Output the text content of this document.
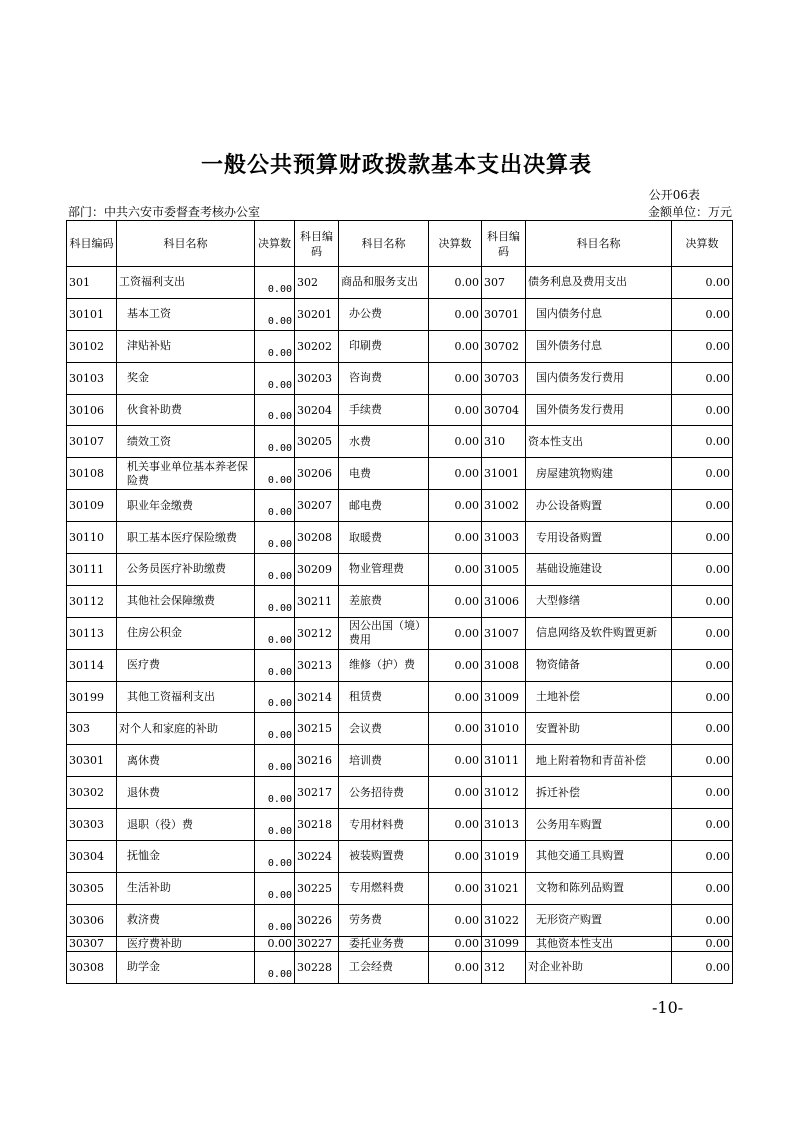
一般公共预算财政拨款基本支出决算表
公开06表
部门：中共六安市委督查考核办公室	金额单位：万元
科目编码	科目名称	决算数	科目编码	科目名称	决算数	科目编码	科目名称	决算数
301	工资福利支出	0.00	302	商品和服务支出	0.00	307	债务利息及费用支出	0.00
30101	基本工资	0.00	30201	办公费	0.00	30701	国内债务付息	0.00
30102	津贴补贴	0.00	30202	印刷费	0.00	30702	国外债务付息	0.00
30103	奖金	0.00	30203	咨询费	0.00	30703	国内债务发行费用	0.00
30106	伙食补助费	0.00	30204	手续费	0.00	30704	国外债务发行费用	0.00
30107	绩效工资	0.00	30205	水费	0.00	310	资本性支出	0.00
30108	机关事业单位基本养老保险费	0.00	30206	电费	0.00	31001	房屋建筑物购建	0.00
30109	职业年金缴费	0.00	30207	邮电费	0.00	31002	办公设备购置	0.00
30110	职工基本医疗保险缴费	0.00	30208	取暖费	0.00	31003	专用设备购置	0.00
30111	公务员医疗补助缴费	0.00	30209	物业管理费	0.00	31005	基础设施建设	0.00
30112	其他社会保障缴费	0.00	30211	差旅费	0.00	31006	大型修缮	0.00
30113	住房公积金	0.00	30212	因公出国（境）费用	0.00	31007	信息网络及软件购置更新	0.00
30114	医疗费	0.00	30213	维修（护）费	0.00	31008	物资储备	0.00
30199	其他工资福利支出	0.00	30214	租赁费	0.00	31009	土地补偿	0.00
303	对个人和家庭的补助	0.00	30215	会议费	0.00	31010	安置补助	0.00
30301	离休费	0.00	30216	培训费	0.00	31011	地上附着物和青苗补偿	0.00
30302	退休费	0.00	30217	公务招待费	0.00	31012	拆迁补偿	0.00
30303	退职（役）费	0.00	30218	专用材料费	0.00	31013	公务用车购置	0.00
30304	抚恤金	0.00	30224	被装购置费	0.00	31019	其他交通工具购置	0.00
30305	生活补助	0.00	30225	专用燃料费	0.00	31021	文物和陈列品购置	0.00
30306	救济费	0.00	30226	劳务费	0.00	31022	无形资产购置	0.00
30307	医疗费补助	0.00	30227	委托业务费	0.00	31099	其他资本性支出	0.00
30308	助学金	0.00	30228	工会经费	0.00	312	对企业补助	0.00
-10-
